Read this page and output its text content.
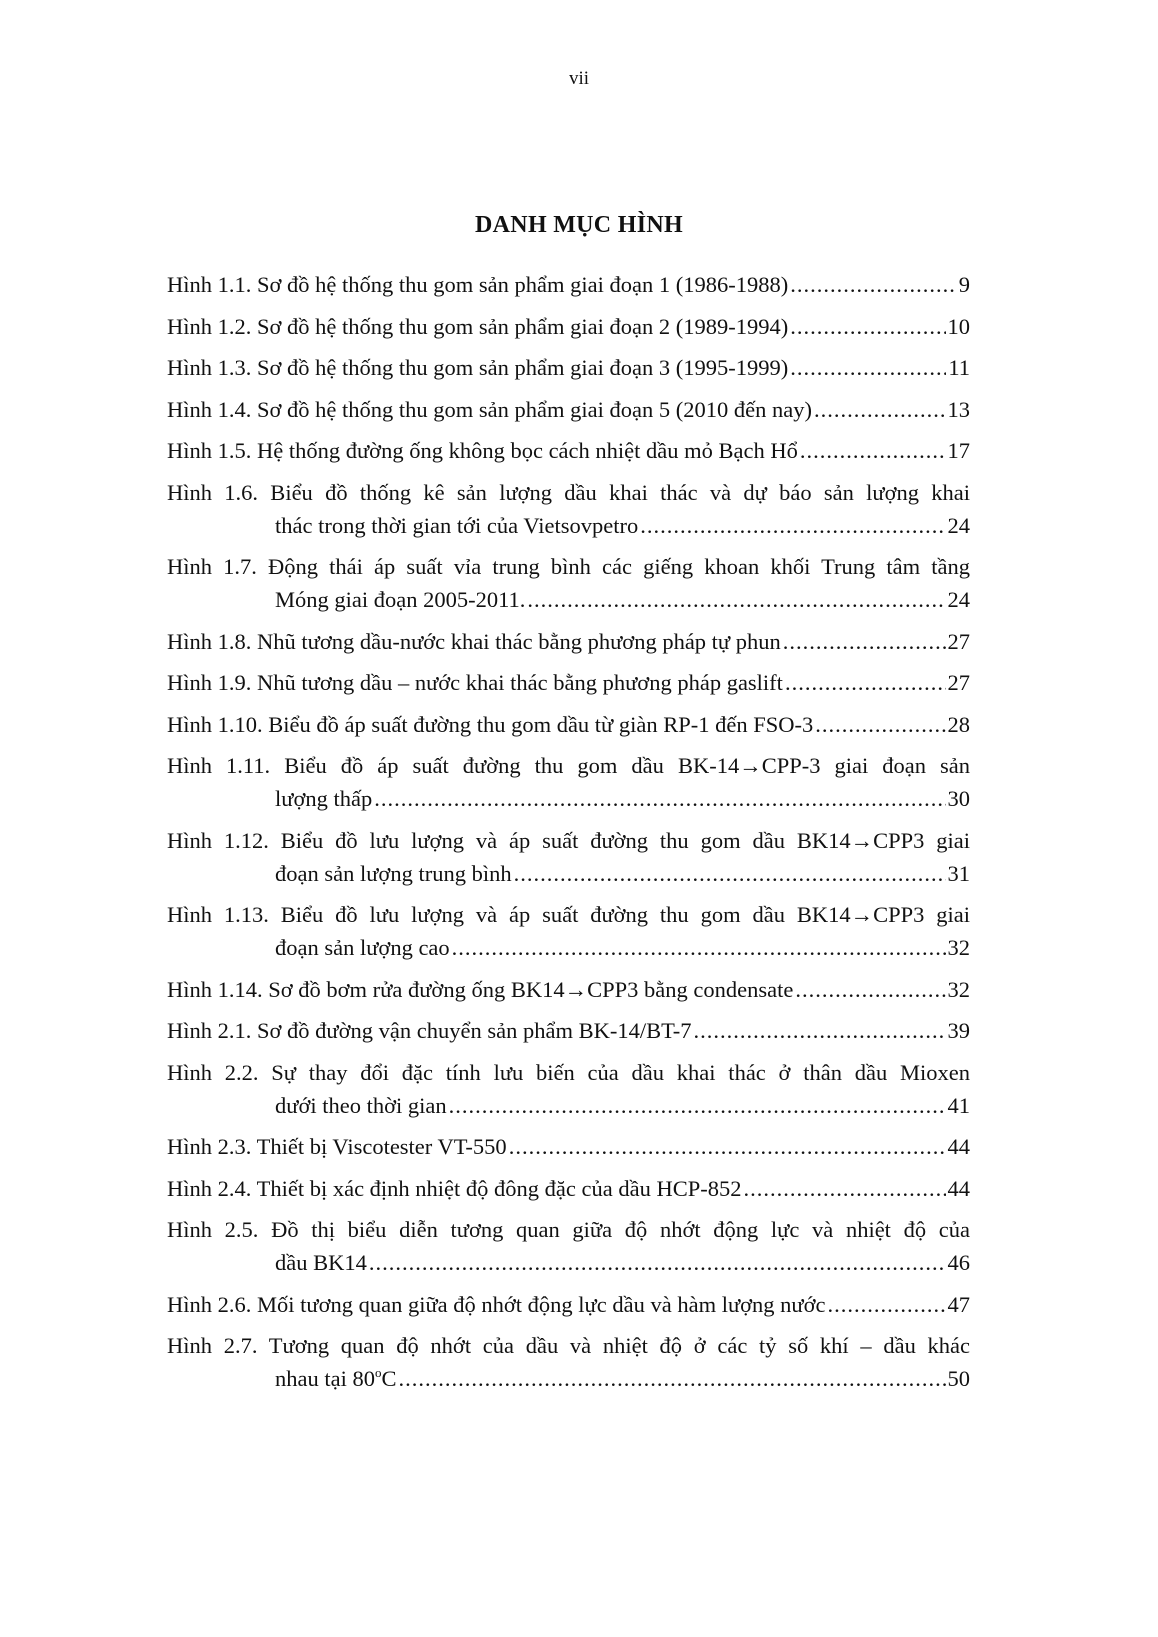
vii
DANH MỤC HÌNH
Hình 1.1. Sơ đồ hệ thống thu gom sản phẩm giai đoạn 1 (1986-1988) .....	9
Hình 1.2. Sơ đồ hệ thống thu gom sản phẩm giai đoạn 2 (1989-1994) .....	10
Hình 1.3. Sơ đồ hệ thống thu gom sản phẩm giai đoạn 3 (1995-1999) .....	11
Hình 1.4. Sơ đồ hệ thống thu gom sản phẩm giai đoạn 5 (2010 đến nay) .....	13
Hình 1.5. Hệ thống đường ống không bọc cách nhiệt dầu mỏ Bạch Hổ .....	17
Hình 1.6. Biểu đồ thống kê sản lượng dầu khai thác và dự báo sản lượng khai
thác trong thời gian tới của Vietsovpetro .....	24
Hình 1.7. Động thái áp suất vỉa trung bình các giếng khoan khối Trung tâm tầng
Móng giai đoạn 2005-2011. .....	24
Hình 1.8. Nhũ tương dầu-nước khai thác bằng phương pháp tự phun .....	27
Hình 1.9. Nhũ tương dầu – nước khai thác bằng phương pháp gaslift .....	27
Hình 1.10. Biểu đồ áp suất đường thu gom dầu từ giàn RP-1 đến FSO-3 .....	28
Hình 1.11. Biểu đồ áp suất đường thu gom dầu BK-14→CPP-3 giai đoạn sản
lượng thấp .....	30
Hình 1.12. Biểu đồ lưu lượng và áp suất đường thu gom dầu BK14→CPP3 giai
đoạn sản lượng trung bình .....	31
Hình 1.13. Biểu đồ lưu lượng và áp suất đường thu gom dầu BK14→CPP3 giai
đoạn sản lượng cao .....	32
Hình 1.14. Sơ đồ bơm rửa đường ống BK14→CPP3 bằng condensate .....	32
Hình 2.1. Sơ đồ đường vận chuyển sản phẩm BK-14/BT-7 .....	39
Hình 2.2. Sự thay đổi đặc tính lưu biến của dầu khai thác ở thân dầu Mioxen
dưới theo thời gian .....	41
Hình 2.3. Thiết bị Viscotester VT-550 .....	44
Hình 2.4. Thiết bị xác định nhiệt độ đông đặc của dầu HCP-852 .....	44
Hình 2.5. Đồ thị biểu diễn tương quan giữa độ nhớt động lực và nhiệt độ của
dầu BK14 .....	46
Hình 2.6. Mối tương quan giữa độ nhớt động lực dầu và hàm lượng nước .....	47
Hình 2.7. Tương quan độ nhớt của dầu và nhiệt độ ở các tỷ số khí – dầu khác
nhau tại 80$^o$C .....	50
